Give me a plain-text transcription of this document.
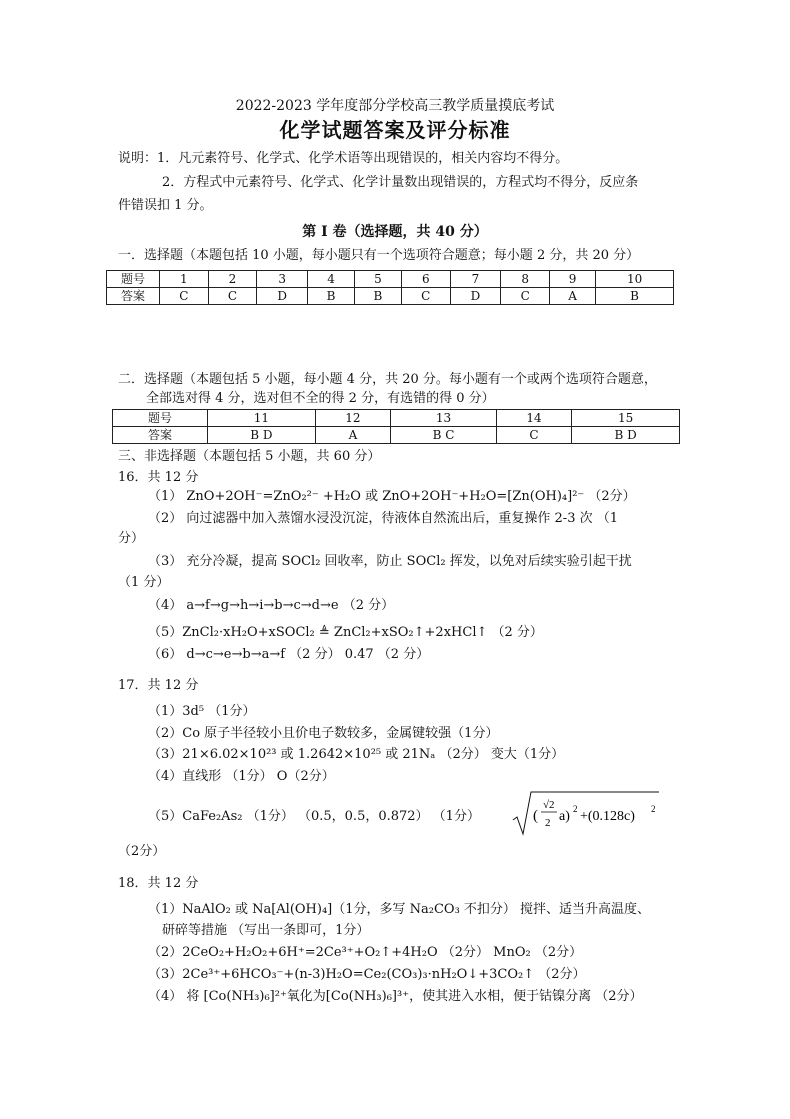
2022-2023 学年度部分学校高三教学质量摸底考试
化学试题答案及评分标准
说明：1．凡元素符号、化学式、化学术语等出现错误的，相关内容均不得分。
2．方程式中元素符号、化学式、化学计量数出现错误的，方程式均不得分，反应条
件错误扣 1 分。
第 I 卷（选择题，共 40 分）
一．选择题（本题包括 10 小题，每小题只有一个选项符合题意；每小题 2 分，共 20 分）
题号	1	2	3	4	5	6	7	8	9	10
答案	C	C	D	B	B	C	D	C	A	B
二．选择题（本题包括 5 小题，每小题 4 分，共 20 分。每小题有一个或两个选项符合题意，
全部选对得 4 分，选对但不全的得 2 分，有选错的得 0 分）
题号	11	12	13	14	15
答案	B D	A	B C	C	B D
三、非选择题（本题包括 5 小题，共 60 分）
16．共 12 分
（1） ZnO+2OH⁻=ZnO₂²⁻ +H₂O 或 ZnO+2OH⁻+H₂O=[Zn(OH)₄]²⁻ （2分）
（2） 向过滤器中加入蒸馏水浸没沉淀，待液体自然流出后，重复操作 2-3 次 （1
分）
（3） 充分冷凝，提高 SOCl₂ 回收率，防止 SOCl₂ 挥发，以免对后续实验引起干扰
（1 分）
（4） a→f→g→h→i→b→c→d→e （2 分）
（5）ZnCl₂·xH₂O+xSOCl₂ ≜ ZnCl₂+xSO₂↑+2xHCl↑ （2 分）
（6） d→c→e→b→a→f （2 分） 0.47 （2 分）
17．共 12 分
（1）3d⁵ （1分）
（2）Co 原子半径较小且价电子数较多，金属键较强（1分）
（3）21×6.02×10²³ 或 1.2642×10²⁵ 或 21Nₐ （2分） 变大（1分）
（4）直线形 （1分） O（2分）
（5）CaFe₂As₂ （1分） （0.5，0.5，0.872） （1分）	(
√2
2 a) 2 +(0.128c) 2
（2分）
18．共 12 分
（1）NaAlO₂ 或 Na[Al(OH)₄]（1分，多写 Na₂CO₃ 不扣分） 搅拌、适当升高温度、
研碎等措施 （写出一条即可，1分）
（2）2CeO₂+H₂O₂+6H⁺=2Ce³⁺+O₂↑+4H₂O （2分） MnO₂ （2分）
（3）2Ce³⁺+6HCO₃⁻+(n-3)H₂O=Ce₂(CO₃)₃·nH₂O↓+3CO₂↑ （2分）
（4） 将 [Co(NH₃)₆]²⁺氧化为[Co(NH₃)₆]³⁺，使其进入水相，便于钴镍分离 （2分）
